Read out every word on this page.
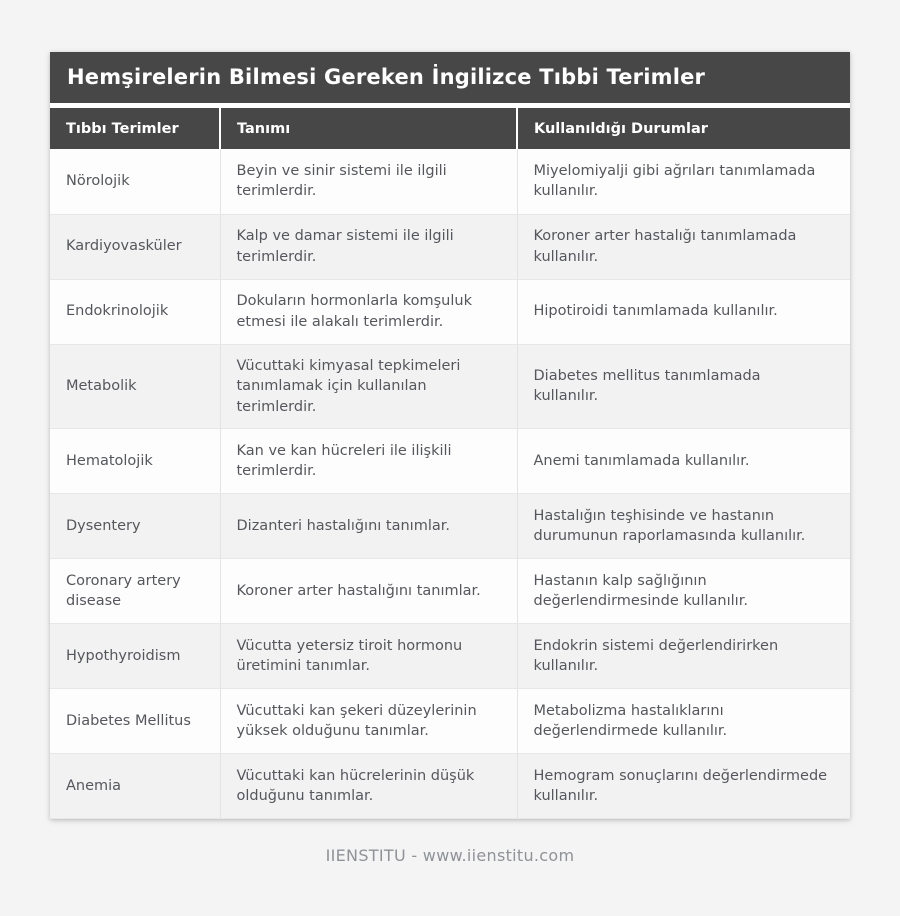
Hemşirelerin Bilmesi Gereken İngilizce Tıbbi Terimler
Tıbbı Terimler	Tanımı	Kullanıldığı Durumlar
Nörolojik	Beyin ve sinir sistemi ile ilgili terimlerdir.	Miyelomiyalji gibi ağrıları tanımlamada kullanılır.
Kardiyovasküler	Kalp ve damar sistemi ile ilgili terimlerdir.	Koroner arter hastalığı tanımlamada kullanılır.
Endokrinolojik	Dokuların hormonlarla komşuluk etmesi ile alakalı terimlerdir.	Hipotiroidi tanımlamada kullanılır.
Metabolik	Vücuttaki kimyasal tepkimeleri tanımlamak için kullanılan terimlerdir.	Diabetes mellitus tanımlamada kullanılır.
Hematolojik	Kan ve kan hücreleri ile ilişkili terimlerdir.	Anemi tanımlamada kullanılır.
Dysentery	Dizanteri hastalığını tanımlar.	Hastalığın teşhisinde ve hastanın durumunun raporlamasında kullanılır.
Coronary artery disease	Koroner arter hastalığını tanımlar.	Hastanın kalp sağlığının değerlendirmesinde kullanılır.
Hypothyroidism	Vücutta yetersiz tiroit hormonu üretimini tanımlar.	Endokrin sistemi değerlendirirken kullanılır.
Diabetes Mellitus	Vücuttaki kan şekeri düzeylerinin yüksek olduğunu tanımlar.	Metabolizma hastalıklarını değerlendirmede kullanılır.
Anemia	Vücuttaki kan hücrelerinin düşük olduğunu tanımlar.	Hemogram sonuçlarını değerlendirmede kullanılır.
IIENSTITU - www.iienstitu.com
